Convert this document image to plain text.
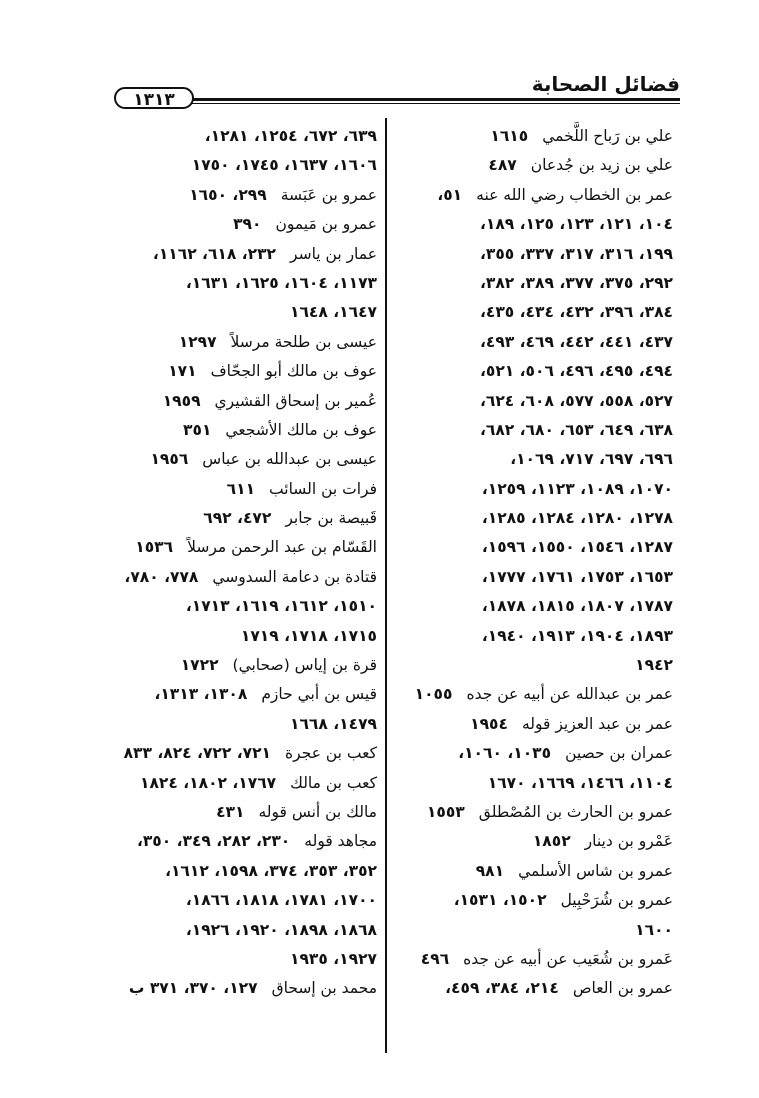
فضائل الصحابة
١٣١٣
علي بن رَباح اللَّخمي١٦١٥
علي بن زيد بن جُدعان٤٨٧
عمر بن الخطاب رضي الله عنه٥١،
١٠٤، ١٢١، ١٢٣، ١٢٥، ١٨٩،
١٩٩، ٣١٦، ٣١٧، ٣٣٧، ٣٥٥،
٢٩٢، ٣٧٥، ٣٧٧، ٣٨٩، ٣٨٢،
٣٨٤، ٣٩٦، ٤٣٢، ٤٣٤، ٤٣٥،
٤٣٧، ٤٤١، ٤٤٢، ٤٦٩، ٤٩٣،
٤٩٤، ٤٩٥، ٤٩٦، ٥٠٦، ٥٢١،
٥٢٧، ٥٥٨، ٥٧٧، ٦٠٨، ٦٢٤،
٦٣٨، ٦٤٩، ٦٥٣، ٦٨٠، ٦٨٢،
٦٩٦، ٦٩٧، ٧١٧، ١٠٦٩،
١٠٧٠، ١٠٨٩، ١١٢٣، ١٢٥٩،
١٢٧٨، ١٢٨٠، ١٢٨٤، ١٢٨٥،
١٢٨٧، ١٥٤٦، ١٥٥٠، ١٥٩٦،
١٦٥٣، ١٧٥٣، ١٧٦١، ١٧٧٧،
١٧٨٧، ١٨٠٧، ١٨١٥، ١٨٧٨،
١٨٩٣، ١٩٠٤، ١٩١٣، ١٩٤٠،
١٩٤٢
عمر بن عبدالله عن أبيه عن جده١٠٥٥
عمر بن عبد العزيز قوله١٩٥٤
عمران بن حصين١٠٣٥، ١٠٦٠،
١١٠٤، ١٤٦٦، ١٦٦٩، ١٦٧٠
عمرو بن الحارث بن المُصْطلق١٥٥٣
عَمْرو بن دينار١٨٥٢
عمرو بن شاس الأسلمي٩٨١
عمرو بن شُرَحْبِيل١٥٠٢، ١٥٣١،
١٦٠٠
عَمرو بن شُعَيب عن أبيه عن جده٤٩٦
عمرو بن العاص٢١٤، ٣٨٤، ٤٥٩،
٦٣٩، ٦٧٢، ١٢٥٤، ١٢٨١،
١٦٠٦، ١٦٣٧، ١٧٤٥، ١٧٥٠
عمرو بن عَبَسة٢٩٩، ١٦٥٠
عمرو بن مَيمون٣٩٠
عمار بن ياسر٢٣٢، ٦١٨، ١١٦٢،
١١٧٣، ١٦٠٤، ١٦٢٥، ١٦٣١،
١٦٤٧، ١٦٤٨
عيسى بن طلحة مرسلاً١٢٩٧
عوف بن مالك أبو الجحّاف١٧١
عُمير بن إسحاق القشيري١٩٥٩
عوف بن مالك الأشجعي٣٥١
عيسى بن عبدالله بن عباس١٩٥٦
فرات بن السائب٦١١
قَبيصة بن جابر٤٧٢، ٦٩٢
القَسّام بن عبد الرحمن مرسلاً١٥٣٦
قتادة بن دعامة السدوسي٧٧٨، ٧٨٠،
١٥١٠، ١٦١٢، ١٦١٩، ١٧١٣،
١٧١٥، ١٧١٨، ١٧١٩
قرة بن إياس (صحابي)١٧٢٢
قيس بن أبي حازم١٣٠٨، ١٣١٣،
١٤٧٩، ١٦٦٨
كعب بن عجرة٧٢١، ٧٢٢، ٨٢٤، ٨٣٣
كعب بن مالك١٧٦٧، ١٨٠٢، ١٨٢٤
مالك بن أنس قوله٤٣١
مجاهد قوله٢٣٠، ٢٨٢، ٣٤٩، ٣٥٠،
٣٥٢، ٣٥٣، ٣٧٤، ١٥٩٨، ١٦١٢،
١٧٠٠، ١٧٨١، ١٨١٨، ١٨٦٦،
١٨٦٨، ١٨٩٨، ١٩٢٠، ١٩٢٦،
١٩٢٧، ١٩٣٥
محمد بن إسحاق١٢٧، ٣٧٠، ٣٧١ ب
